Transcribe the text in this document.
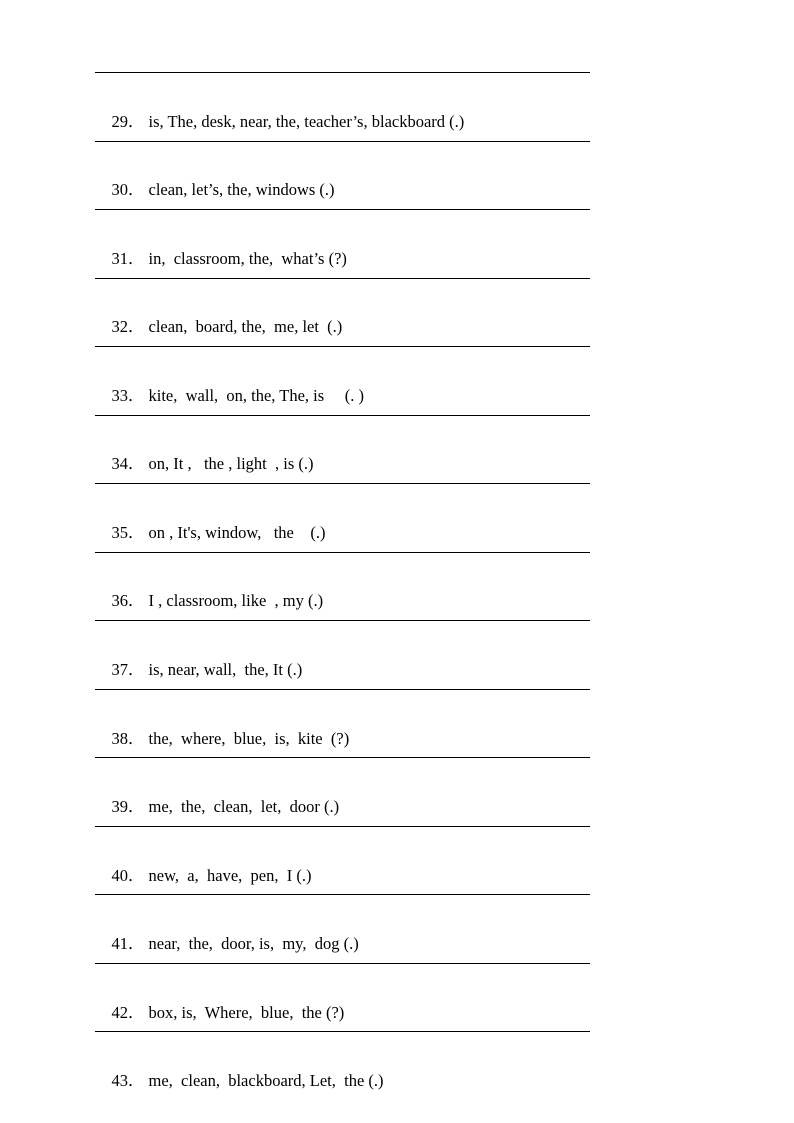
29． is, The, desk, near, the, teacher’s, blackboard (.)

30． clean, let’s, the, windows (.)

31． in,  classroom, the,  what’s (?)

32． clean,  board, the,  me, let  (.)

33． kite,  wall,  on, the, The, is     (. )

34． on, It ,   the , light  , is (.)

35． on , It's, window,   the    (.)

36． I , classroom, like  , my (.)

37． is, near, wall,  the, It (.)

38． the,  where,  blue,  is,  kite  (?)

39． me,  the,  clean,  let,  door (.)

40． new,  a,  have,  pen,  I (.)

41． near,  the,  door, is,  my,  dog (.)

42． box, is,  Where,  blue,  the (?)

43． me,  clean,  blackboard, Let,  the (.)
